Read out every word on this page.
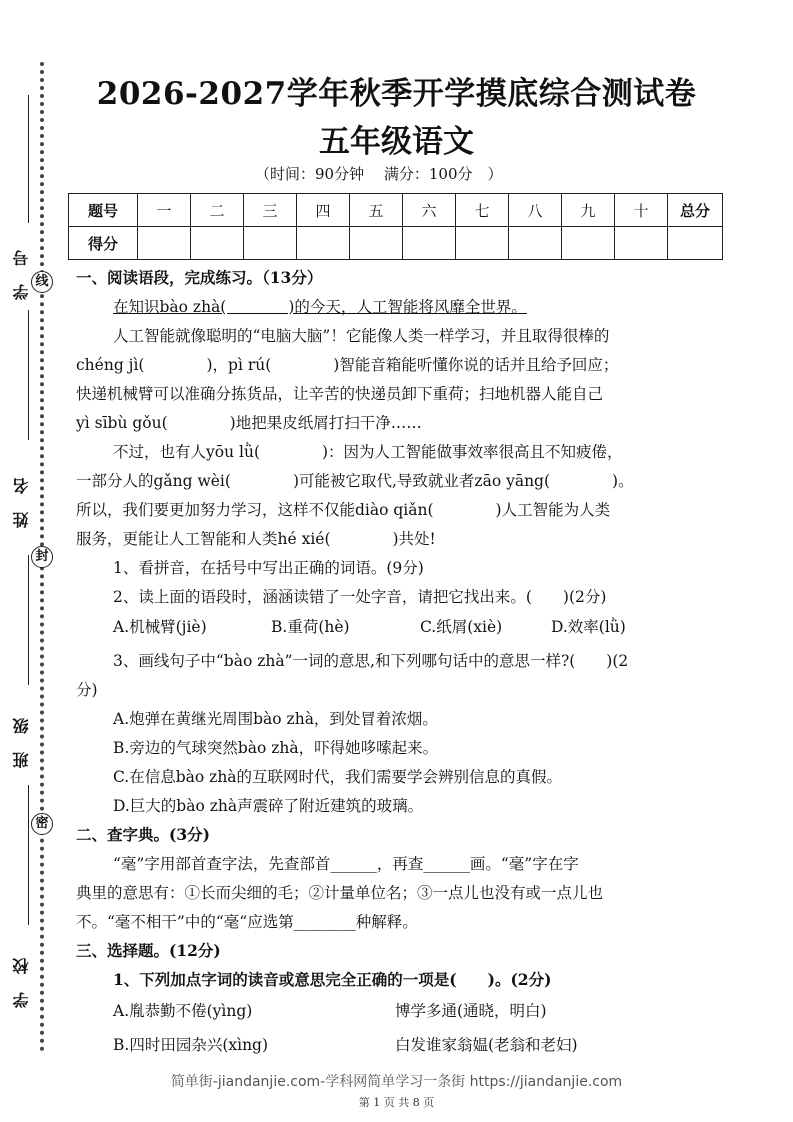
学号
姓名
班级
学校
线
封
密
2026-2027学年秋季开学摸底综合测试卷
五年级语文
（时间：90分钟　 满分：100分　）
题号	一	二	三	四	五	六	七	八	九	十	总分
得分											
一、阅读语段，完成练习。（13分）
在知识bào zhà(　　　　)的今天，人工智能将风靡全世界。
人工智能就像聪明的“电脑大脑”！它能像人类一样学习，并且取得很棒的
chéng jì(　　　　)，pì rú(　　　　)智能音箱能听懂你说的话并且给予回应；
快递机械臂可以准确分拣货品，让辛苦的快递员卸下重荷；扫地机器人能自己
yì sībù gǒu(　　　　)地把果皮纸屑打扫干净……
不过，也有人yōu lǜ(　　　　)：因为人工智能做事效率很高且不知疲倦，
一部分人的gǎng wèi(　　　　)可能被它取代,导致就业者zāo yāng(　　　　)。
所以，我们要更加努力学习，这样不仅能diào qiǎn(　　　　)人工智能为人类
服务，更能让人工智能和人类hé xié(　　　　)共处!
1、看拼音，在括号中写出正确的词语。(9分)
2、读上面的语段时，涵涵读错了一处字音，请把它找出来。(　　)(2分)
A.机械臂(jiè)	B.重荷(hè)	C.纸屑(xiè)	D.效率(lǜ)
3、画线句子中“bào zhà”一词的意思,和下列哪句话中的意思一样?(　　)(2
分)
A.炮弹在黄继光周围bào zhà，到处冒着浓烟。
B.旁边的气球突然bào zhà，吓得她哆嗦起来。
C.在信息bào zhà的互联网时代，我们需要学会辨别信息的真假。
D.巨大的bào zhà声震碎了附近建筑的玻璃。
二、查字典。(3分)
“毫”字用部首查字法，先查部首______，再查______画。“毫”字在字
典里的意思有：①长而尖细的毛；②计量单位名；③一点儿也没有或一点儿也
不。“毫不相干”中的“毫“应选第________种解释。
三、选择题。(12分)
1、下列加点字词的读音或意思完全正确的一项是(　　)。(2分)
A.胤恭勤不倦(yìng)	博学多通(通晓，明白)
B.四时田园杂兴(xìng)	白发谁家翁媪(老翁和老妇)
简单街-jiandanjie.com-学科网简单学习一条街 https://jiandanjie.com
第 1 页 共 8 页
